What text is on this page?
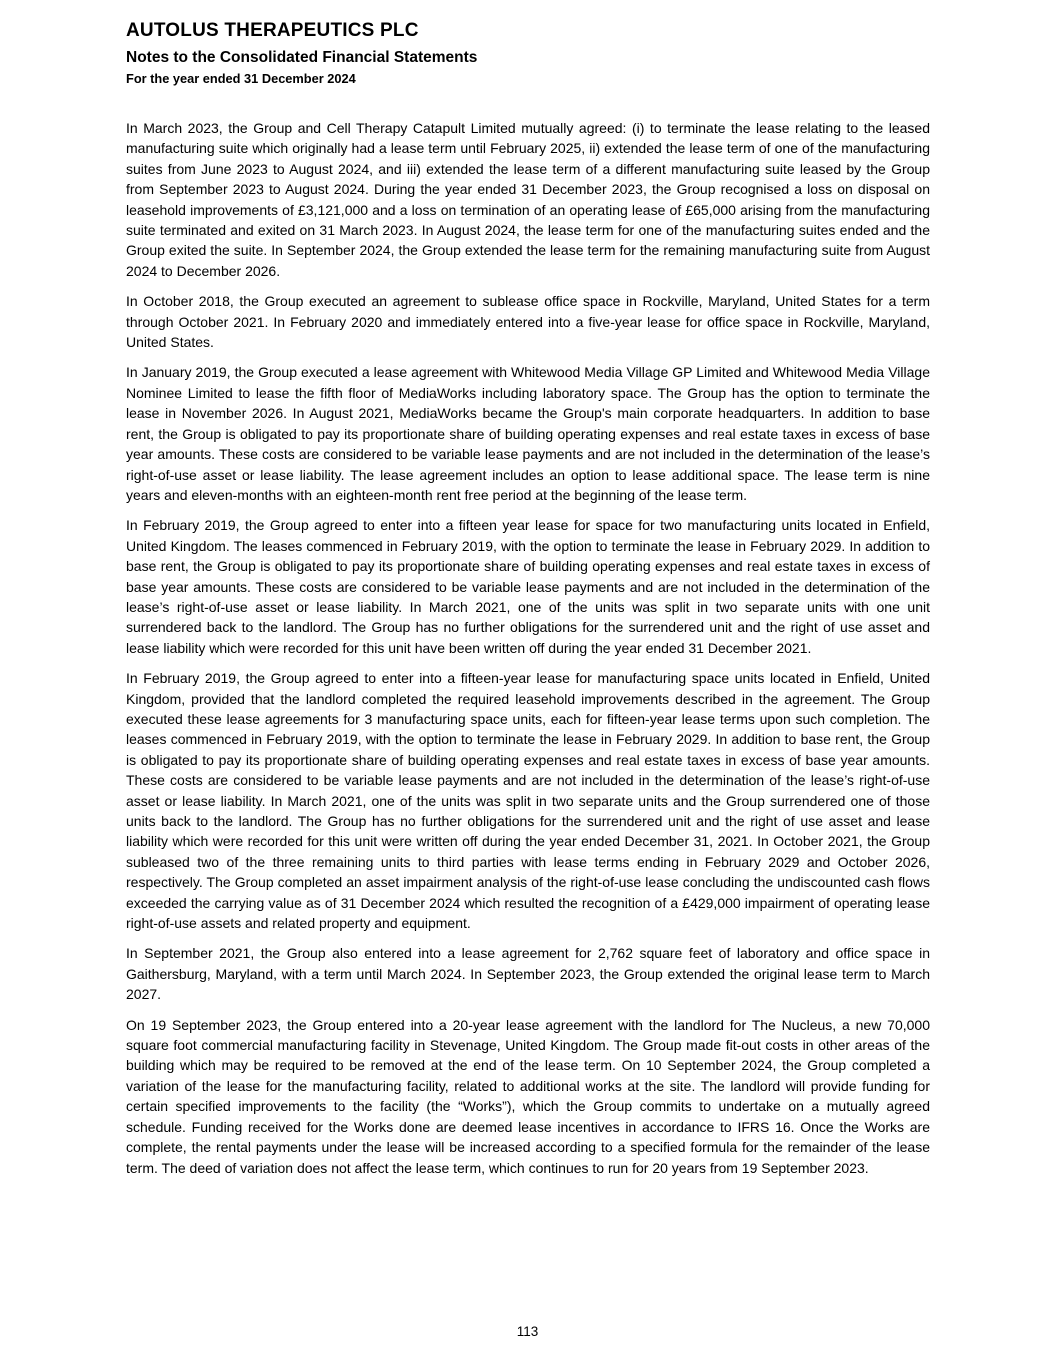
AUTOLUS THERAPEUTICS PLC
Notes to the Consolidated Financial Statements
For the year ended 31 December 2024

In March 2023, the Group and Cell Therapy Catapult Limited mutually agreed: (i) to terminate the lease relating to the leased manufacturing suite which originally had a lease term until February 2025, ii) extended the lease term of one of the manufacturing suites from June 2023 to August 2024, and iii) extended the lease term of a different manufacturing suite leased by the Group from September 2023 to August 2024. During the year ended 31 December 2023, the Group recognised a loss on disposal on leasehold improvements of £3,121,000 and a loss on termination of an operating lease of £65,000 arising from the manufacturing suite terminated and exited on 31 March 2023. In August 2024, the lease term for one of the manufacturing suites ended and the Group exited the suite. In September 2024, the Group extended the lease term for the remaining manufacturing suite from August 2024 to December 2026.

In October 2018, the Group executed an agreement to sublease office space in Rockville, Maryland, United States for a term through October 2021. In February 2020 and immediately entered into a five-year lease for office space in Rockville, Maryland, United States.

In January 2019, the Group executed a lease agreement with Whitewood Media Village GP Limited and Whitewood Media Village Nominee Limited to lease the fifth floor of MediaWorks including laboratory space. The Group has the option to terminate the lease in November 2026. In August 2021, MediaWorks became the Group's main corporate headquarters. In addition to base rent, the Group is obligated to pay its proportionate share of building operating expenses and real estate taxes in excess of base year amounts. These costs are considered to be variable lease payments and are not included in the determination of the lease’s right-of-use asset or lease liability. The lease agreement includes an option to lease additional space. The lease term is nine years and eleven-months with an eighteen-month rent free period at the beginning of the lease term.

In February 2019, the Group agreed to enter into a fifteen year lease for space for two manufacturing units located in Enfield, United Kingdom. The leases commenced in February 2019, with the option to terminate the lease in February 2029. In addition to base rent, the Group is obligated to pay its proportionate share of building operating expenses and real estate taxes in excess of base year amounts. These costs are considered to be variable lease payments and are not included in the determination of the lease’s right-of-use asset or lease liability. In March 2021, one of the units was split in two separate units with one unit surrendered back to the landlord. The Group has no further obligations for the surrendered unit and the right of use asset and lease liability which were recorded for this unit have been written off during the year ended 31 December 2021.

In February 2019, the Group agreed to enter into a fifteen-year lease for manufacturing space units located in Enfield, United Kingdom, provided that the landlord completed the required leasehold improvements described in the agreement. The Group executed these lease agreements for 3 manufacturing space units, each for fifteen-year lease terms upon such completion. The leases commenced in February 2019, with the option to terminate the lease in February 2029. In addition to base rent, the Group is obligated to pay its proportionate share of building operating expenses and real estate taxes in excess of base year amounts. These costs are considered to be variable lease payments and are not included in the determination of the lease’s right-of-use asset or lease liability. In March 2021, one of the units was split in two separate units and the Group surrendered one of those units back to the landlord. The Group has no further obligations for the surrendered unit and the right of use asset and lease liability which were recorded for this unit were written off during the year ended December 31, 2021. In October 2021, the Group subleased two of the three remaining units to third parties with lease terms ending in February 2029 and October 2026, respectively. The Group completed an asset impairment analysis of the right-of-use lease concluding the undiscounted cash flows exceeded the carrying value as of 31 December 2024 which resulted the recognition of a £429,000 impairment of operating lease right-of-use assets and related property and equipment.

In September 2021, the Group also entered into a lease agreement for 2,762 square feet of laboratory and office space in Gaithersburg, Maryland, with a term until March 2024. In September 2023, the Group extended the original lease term to March 2027.

On 19 September 2023, the Group entered into a 20-year lease agreement with the landlord for The Nucleus, a new 70,000 square foot commercial manufacturing facility in Stevenage, United Kingdom. The Group made fit-out costs in other areas of the building which may be required to be removed at the end of the lease term. On 10 September 2024, the Group completed a variation of the lease for the manufacturing facility, related to additional works at the site. The landlord will provide funding for certain specified improvements to the facility (the “Works”), which the Group commits to undertake on a mutually agreed schedule. Funding received for the Works done are deemed lease incentives in accordance to IFRS 16. Once the Works are complete, the rental payments under the lease will be increased according to a specified formula for the remainder of the lease term. The deed of variation does not affect the lease term, which continues to run for 20 years from 19 September 2023.

113
